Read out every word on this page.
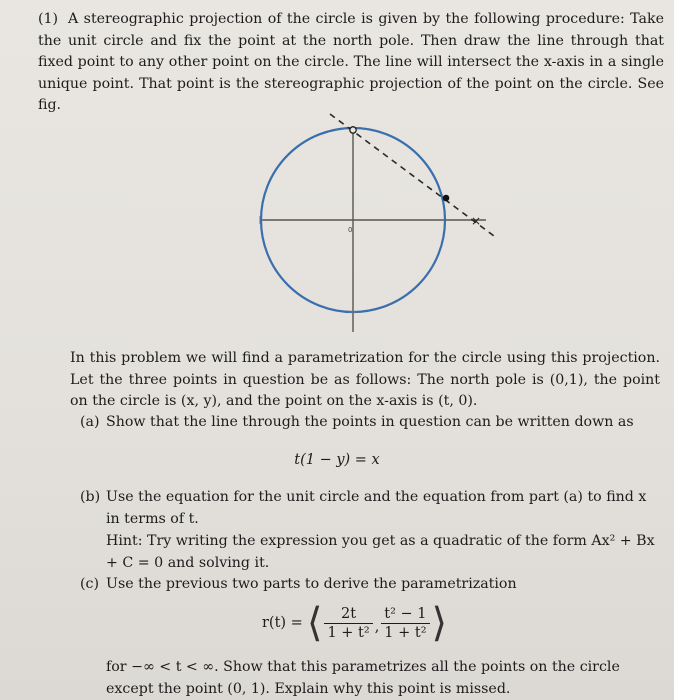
(1) A stereographic projection of the circle is given by the following procedure: Take the unit circle and fix the point at the north pole. Then draw the line through that fixed point to any other point on the circle. The line will intersect the x-axis in a single unique point. That point is the stereographic projection of the point on the circle. See fig.
×
0
In this problem we will find a parametrization for the circle using this projection. Let the three points in question be as follows: The north pole is (0,1), the point on the circle is (x, y), and the point on the x-axis is (t, 0).
(a) Show that the line through the points in question can be written down as
t(1 − y) = x
(b) Use the equation for the unit circle and the equation from part (a) to find x in terms of t.
Hint: Try writing the expression you get as a quadratic of the form Ax² + Bx + C = 0 and solving it.
(c) Use the previous two parts to derive the parametrization
r(t) = ⟨ $\frac{2t}{\text{1 + t²}}$ , $\frac{\text{t² − 1}}{\text{1 + t²}}$ ⟩
for −∞ < t < ∞. Show that this parametrizes all the points on the circle except the point (0, 1). Explain why this point is missed.
